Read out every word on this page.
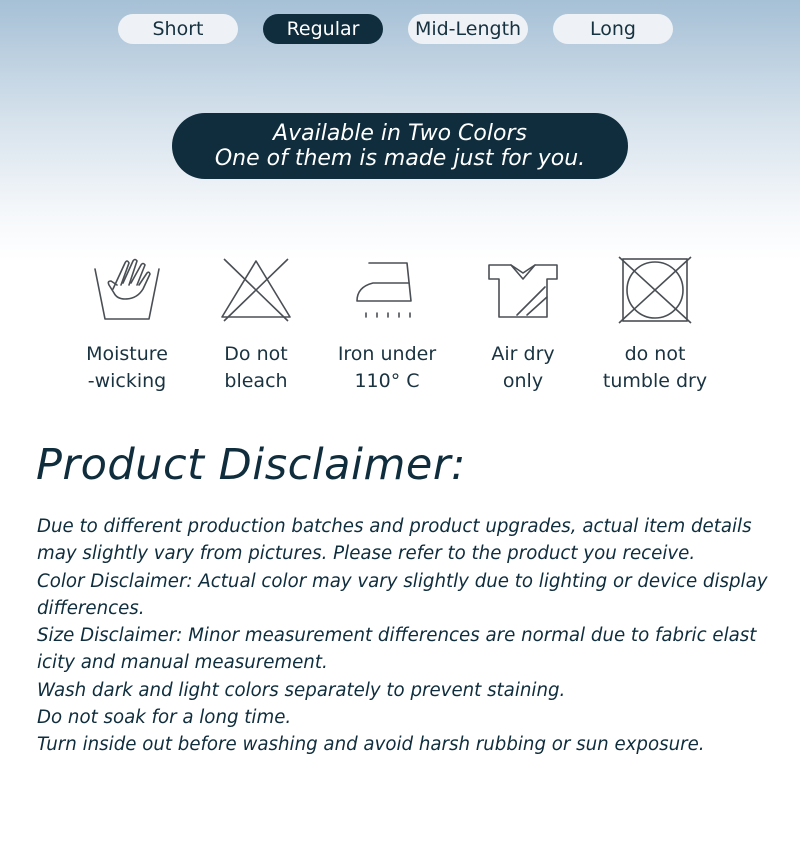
Short	Regular	Mid-Length	Long
Available in Two Colors
One of them is made just for you.
Moisture
-wicking
Do not
bleach
Iron under
110° C
Air dry
only
do not
tumble dry
Product Disclaimer:
Due to different production batches and product upgrades, actual item details
may slightly vary from pictures. Please refer to the product you receive.
Color Disclaimer: Actual color may vary slightly due to lighting or device display
differences.
Size Disclaimer: Minor measurement differences are normal due to fabric elast
icity and manual measurement.
Wash dark and light colors separately to prevent staining.
Do not soak for a long time.
Turn inside out before washing and avoid harsh rubbing or sun exposure.
